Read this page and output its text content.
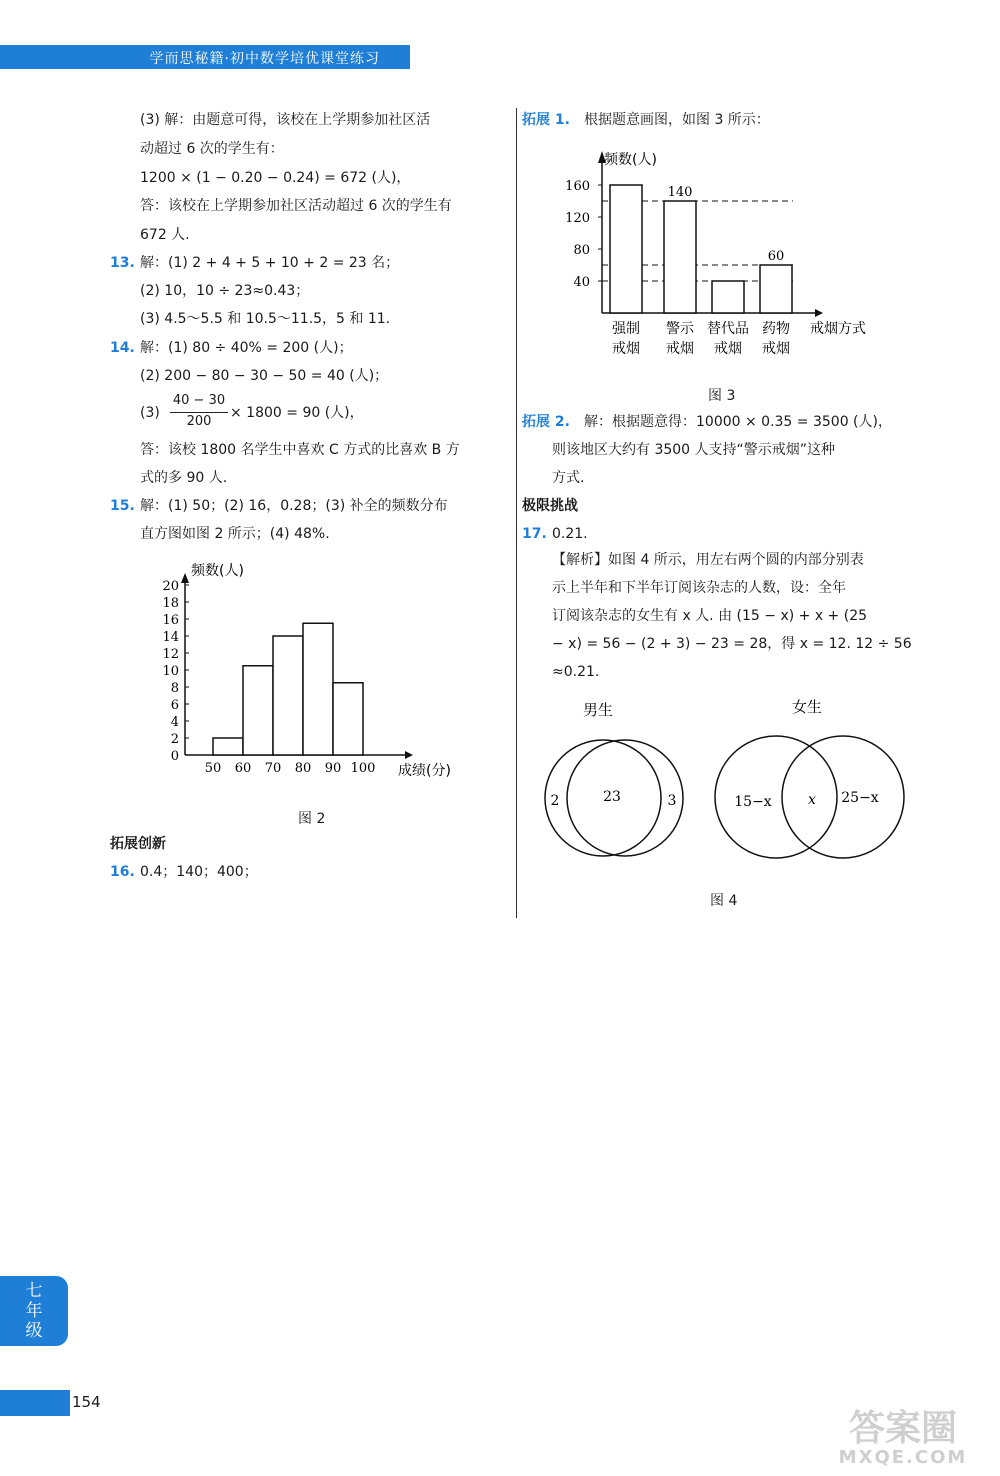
学而思秘籍·初中数学培优课堂练习
(3) 解：由题意可得，该校在上学期参加社区活
动超过 6 次的学生有：
1200 × (1 − 0.20 − 0.24) = 672 (人)，
答：该校在上学期参加社区活动超过 6 次的学生有
672 人.
13. 解：(1) 2 + 4 + 5 + 10 + 2 = 23 名；
(2) 10，10 ÷ 23≈0.43；
(3) 4.5～5.5 和 10.5～11.5，5 和 11.
14. 解：(1) 80 ÷ 40% = 200 (人)；
(2) 200 − 80 − 30 − 50 = 40 (人)；
(3)
40 − 30
200
× 1800 = 90 (人)，
答：该校 1800 名学生中喜欢 C 方式的比喜欢 B 方
式的多 90 人.
15. 解：(1) 50；(2) 16，0.28；(3) 补全的频数分布
直方图如图 2 所示；(4) 48%.
0
2
4
6
8
10
12
14
16
18
20
50 60 70 80 90 100
频数(人)
成绩(分)
图 2
拓展创新
16. 0.4；140；400；
拓展 1. 根据题意画图，如图 3 所示：
频数(人)
戒烟方式
40
80
120
160
强制
戒烟
警示
戒烟
替代品
戒烟
药物
戒烟
140
60
图 3
拓展 2. 解：根据题意得：10000 × 0.35 = 3500 (人)，
则该地区大约有 3500 人支持“警示戒烟”这种
方式.
极限挑战
17. 0.21.
【解析】如图 4 所示，用左右两个圆的内部分别表
示上半年和下半年订阅该杂志的人数，设：全年
订阅该杂志的女生有 x 人. 由 (15 − x) + x + (25
− x) = 56 − (2 + 3) − 23 = 28，得 x = 12. 12 ÷ 56
≈0.21.
男生
2	23	3
女生
15−x	x 25−x
图 4
七
年
级
154
答案圈
MXQE.COM
